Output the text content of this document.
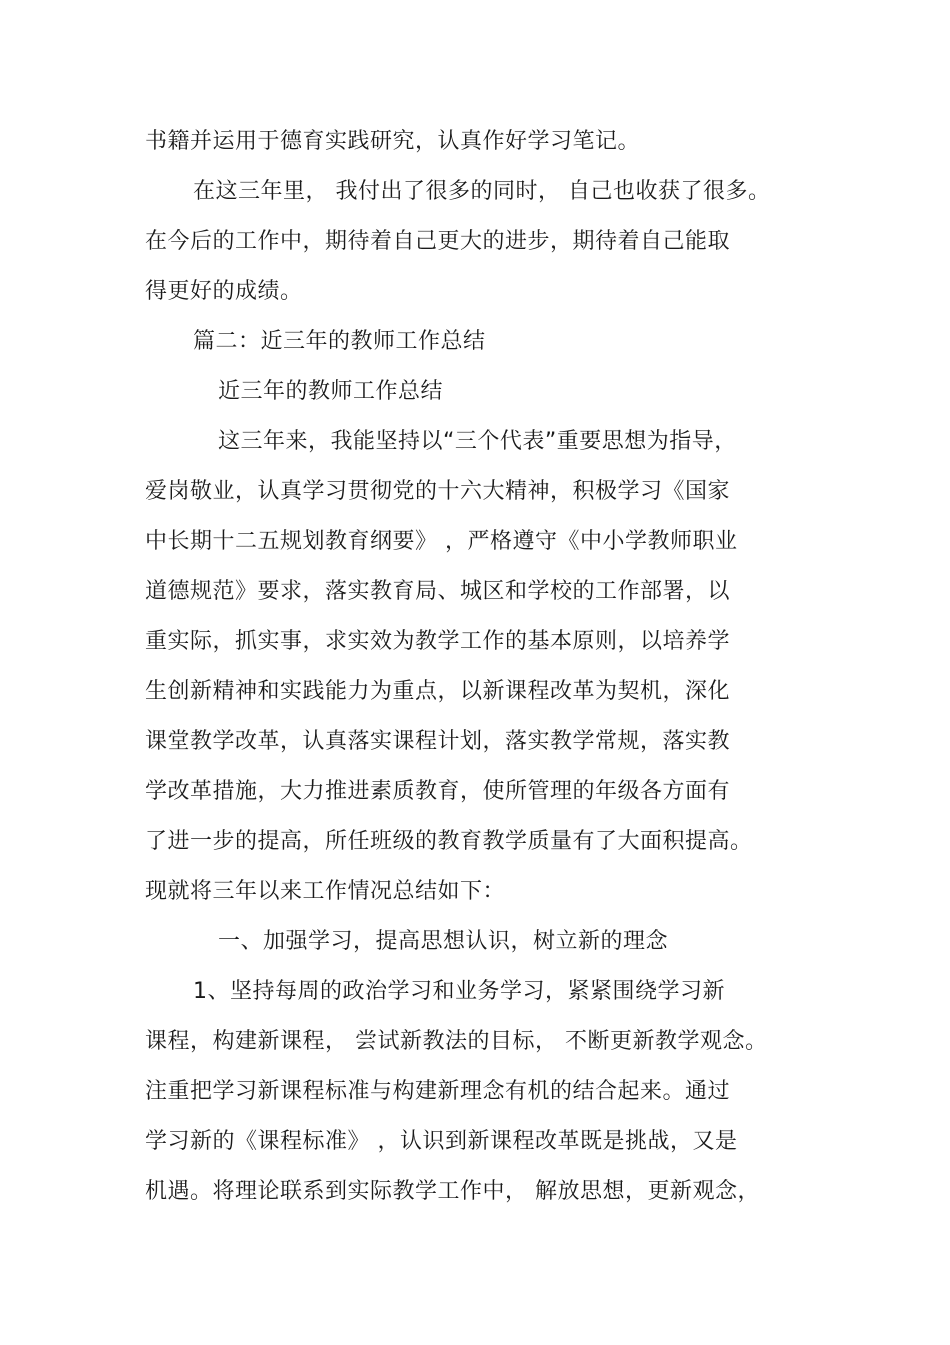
书籍并运用于德育实践研究，认真作好学习笔记。
在这三年里， 我付出了很多的同时， 自己也收获了很多。
在今后的工作中，期待着自己更大的进步，期待着自己能取
得更好的成绩。
篇二：近三年的教师工作总结
近三年的教师工作总结
这三年来，我能坚持以“三个代表”重要思想为指导，
爱岗敬业，认真学习贯彻党的十六大精神，积极学习《国家
中长期十二五规划教育纲要》 ，严格遵守《中小学教师职业
道德规范》要求，落实教育局、城区和学校的工作部署，以
重实际，抓实事，求实效为教学工作的基本原则，以培养学
生创新精神和实践能力为重点，以新课程改革为契机，深化
课堂教学改革，认真落实课程计划，落实教学常规，落实教
学改革措施，大力推进素质教育，使所管理的年级各方面有
了进一步的提高，所任班级的教育教学质量有了大面积提高。
现就将三年以来工作情况总结如下：
一、加强学习，提高思想认识，树立新的理念
1、坚持每周的政治学习和业务学习，紧紧围绕学习新
课程，构建新课程， 尝试新教法的目标， 不断更新教学观念。
注重把学习新课程标准与构建新理念有机的结合起来。通过
学习新的《课程标准》 ，认识到新课程改革既是挑战，又是
机遇。将理论联系到实际教学工作中， 解放思想，更新观念，
